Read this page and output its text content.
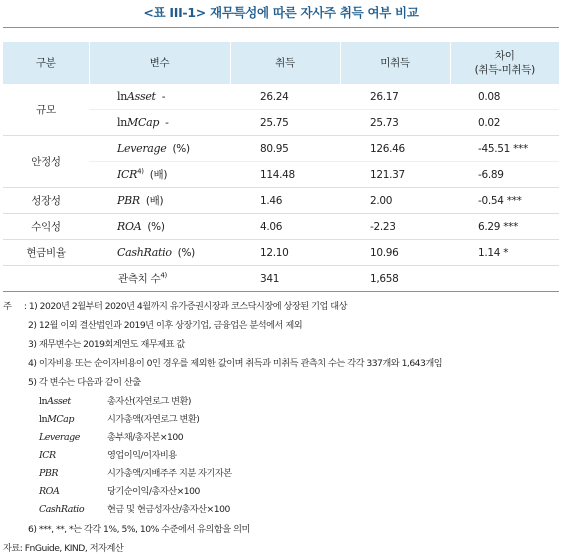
<표 III-1> 재무특성에 따른 자사주 취득 여부 비교
구분	변수	취득	미취득	차이
(취득-미취득)

규모	lnAsset -	26.24	26.17	0.08
	lnMCap -	25.75	25.73	0.02
안정성	Leverage (%)	80.95	126.46	-45.51 ***
	ICR$^{4)}$ (배)	114.48	121.37	-6.89
성장성	PBR (배)	1.46	2.00	-0.54 ***
수익성	ROA (%)	4.06	-2.23	6.29 ***
현금비율	CashRatio (%)	12.10	10.96	1.14 *
관측치 수$^{4)}$		341	1,658	
주 : 1) 2020년 2월부터 2020년 4월까지 유가증권시장과 코스닥시장에 상장된 기업 대상
2) 12월 이외 결산법인과 2019년 이후 상장기업, 금융업은 분석에서 제외
3) 재무변수는 2019회계연도 재무제표 값
4) 이자비용 또는 순이자비용이 0인 경우를 제외한 값이며 취득과 미취득 관측치 수는 각각 337개와 1,643개임
5) 각 변수는 다음과 같이 산출
lnAsset	총자산(자연로그 변환)
lnMCap	시가총액(자연로그 변환)
Leverage	총부채/총자본×100
ICR	영업이익/이자비용
PBR	시가총액/지배주주 지분 자기자본
ROA	당기순이익/총자산×100
CashRatio 현금 및 현금성자산/총자산×100
6) ***, **, *는 각각 1%, 5%, 10% 수준에서 유의함을 의미
자료: FnGuide, KIND, 저자계산
